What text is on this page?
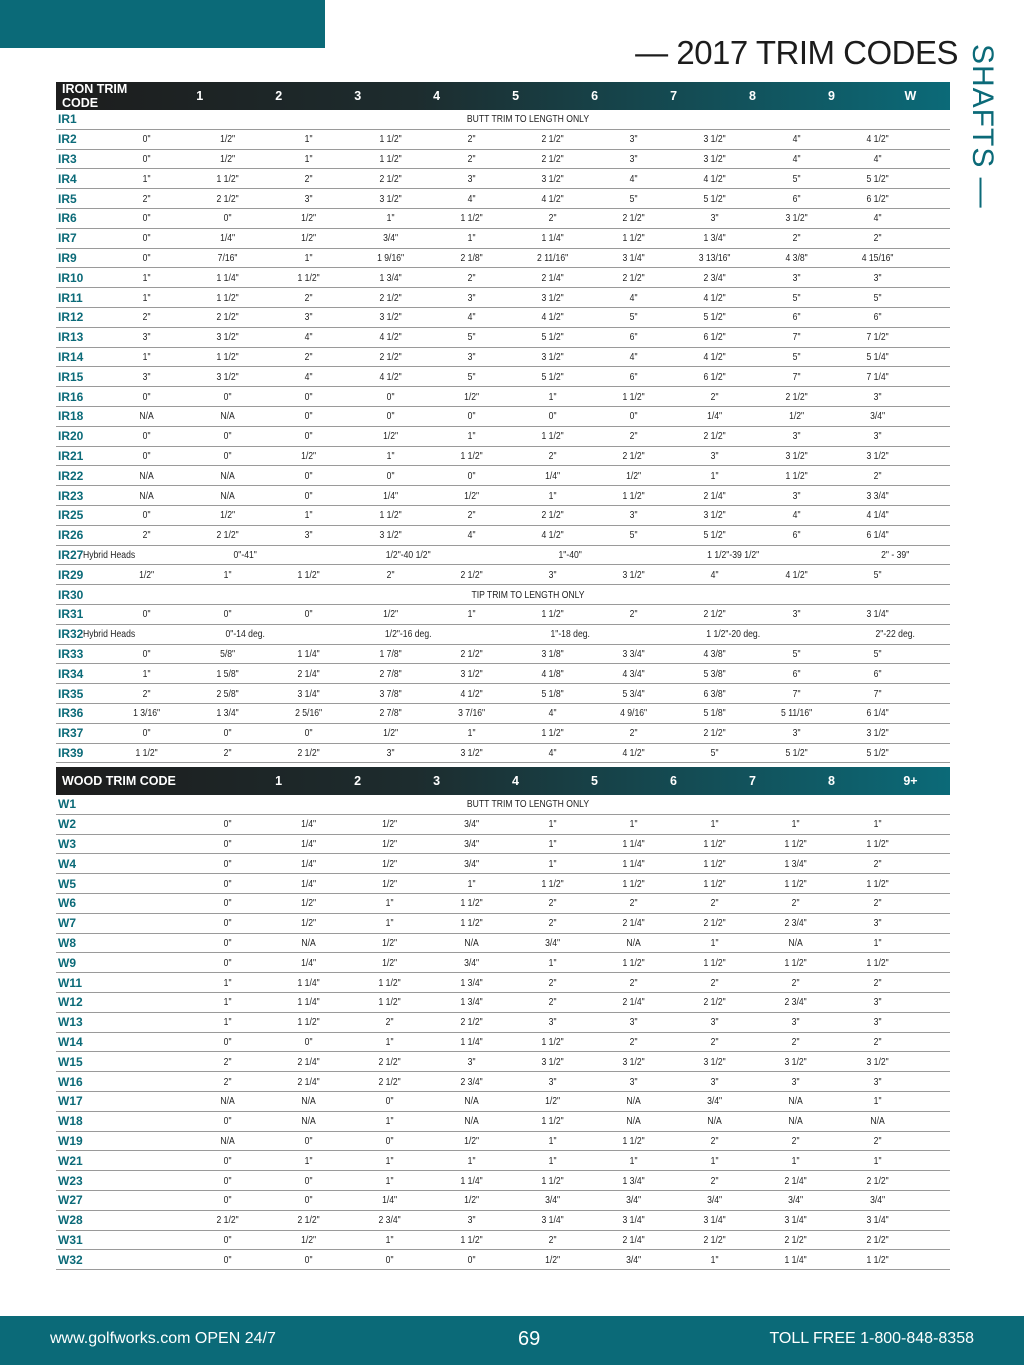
— 2017 TRIM CODES SHAFTS —
IRON TRIM CODE	1	2	3	4	5	6	7	8	9	W
IR1	BUTT TRIM TO LENGTH ONLY
IR2	0"	1/2"	1"	1 1/2"	2"	2 1/2"	3"	3 1/2"	4"	4 1/2"
IR3	0"	1/2"	1"	1 1/2"	2"	2 1/2"	3"	3 1/2"	4"	4"
IR4	1"	1 1/2"	2"	2 1/2"	3"	3 1/2"	4"	4 1/2"	5"	5 1/2"
IR5	2"	2 1/2"	3"	3 1/2"	4"	4 1/2"	5"	5 1/2"	6"	6 1/2"
IR6	0"	0"	1/2"	1"	1 1/2"	2"	2 1/2"	3"	3 1/2"	4"
IR7	0"	1/4"	1/2"	3/4"	1"	1 1/4"	1 1/2"	1 3/4"	2"	2"
IR9	0"	7/16"	1"	1 9/16"	2 1/8"	2 11/16"	3 1/4"	3 13/16"	4 3/8"	4 15/16"
IR10	1"	1 1/4"	1 1/2"	1 3/4"	2"	2 1/4"	2 1/2"	2 3/4"	3"	3"
IR11	1"	1 1/2"	2"	2 1/2"	3"	3 1/2"	4"	4 1/2"	5"	5"
IR12	2"	2 1/2"	3"	3 1/2"	4"	4 1/2"	5"	5 1/2"	6"	6"
IR13	3"	3 1/2"	4"	4 1/2"	5"	5 1/2"	6"	6 1/2"	7"	7 1/2"
IR14	1"	1 1/2"	2"	2 1/2"	3"	3 1/2"	4"	4 1/2"	5"	5 1/4"
IR15	3"	3 1/2"	4"	4 1/2"	5"	5 1/2"	6"	6 1/2"	7"	7 1/4"
IR16	0"	0"	0"	0"	1/2"	1"	1 1/2"	2"	2 1/2"	3"
IR18	N/A	N/A	0"	0"	0"	0"	0"	1/4"	1/2"	3/4"
IR20	0"	0"	0"	1/2"	1"	1 1/2"	2"	2 1/2"	3"	3"
IR21	0"	0"	1/2"	1"	1 1/2"	2"	2 1/2"	3"	3 1/2"	3 1/2"
IR22	N/A	N/A	0"	0"	0"	1/4"	1/2"	1"	1 1/2"	2"
IR23	N/A	N/A	0"	1/4"	1/2"	1"	1 1/2"	2 1/4"	3"	3 3/4"
IR25	0"	1/2"	1"	1 1/2"	2"	2 1/2"	3"	3 1/2"	4"	4 1/4"
IR26	2"	2 1/2"	3"	3 1/2"	4"	4 1/2"	5"	5 1/2"	6"	6 1/4"
IR27 Hybrid Heads	0"-41"	1/2"-40 1/2"	1"-40"	1 1/2"-39 1/2"	2" - 39"
IR29	1/2"	1"	1 1/2"	2"	2 1/2"	3"	3 1/2"	4"	4 1/2"	5"
IR30	TIP TRIM TO LENGTH ONLY
IR31	0"	0"	0"	1/2"	1"	1 1/2"	2"	2 1/2"	3"	3 1/4"
IR32 Hybrid Heads	0"-14 deg.	1/2"-16 deg.	1"-18 deg.	1 1/2"-20 deg.	2"-22 deg.
IR33	0"	5/8"	1 1/4"	1 7/8"	2 1/2"	3 1/8"	3 3/4"	4 3/8"	5"	5"
IR34	1"	1 5/8"	2 1/4"	2 7/8"	3 1/2"	4 1/8"	4 3/4"	5 3/8"	6"	6"
IR35	2"	2 5/8"	3 1/4"	3 7/8"	4 1/2"	5 1/8"	5 3/4"	6 3/8"	7"	7"
IR36	1 3/16"	1 3/4"	2 5/16"	2 7/8"	3 7/16"	4"	4 9/16"	5 1/8"	5 11/16"	6 1/4"
IR37	0"	0"	0"	1/2"	1"	1 1/2"	2"	2 1/2"	3"	3 1/2"
IR39	1 1/2"	2"	2 1/2"	3"	3 1/2"	4"	4 1/2"	5"	5 1/2"	5 1/2"
WOOD TRIM CODE	1	2	3	4	5	6	7	8	9+
W1	BUTT TRIM TO LENGTH ONLY
W2	0"	1/4"	1/2"	3/4"	1"	1"	1"	1"	1"
W3	0"	1/4"	1/2"	3/4"	1"	1 1/4"	1 1/2"	1 1/2"	1 1/2"
W4	0"	1/4"	1/2"	3/4"	1"	1 1/4"	1 1/2"	1 3/4"	2"
W5	0"	1/4"	1/2"	1"	1 1/2"	1 1/2"	1 1/2"	1 1/2"	1 1/2"
W6	0"	1/2"	1"	1 1/2"	2"	2"	2"	2"	2"
W7	0"	1/2"	1"	1 1/2"	2"	2 1/4"	2 1/2"	2 3/4"	3"
W8	0"	N/A	1/2"	N/A	3/4"	N/A	1"	N/A	1"
W9	0"	1/4"	1/2"	3/4"	1"	1 1/2"	1 1/2"	1 1/2"	1 1/2"
W11	1"	1 1/4"	1 1/2"	1 3/4"	2"	2"	2"	2"	2"
W12	1"	1 1/4"	1 1/2"	1 3/4"	2"	2 1/4"	2 1/2"	2 3/4"	3"
W13	1"	1 1/2"	2"	2 1/2"	3"	3"	3"	3"	3"
W14	0"	0"	1"	1 1/4"	1 1/2"	2"	2"	2"	2"
W15	2"	2 1/4"	2 1/2"	3"	3 1/2"	3 1/2"	3 1/2"	3 1/2"	3 1/2"
W16	2"	2 1/4"	2 1/2"	2 3/4"	3"	3"	3"	3"	3"
W17	N/A	N/A	0"	N/A	1/2"	N/A	3/4"	N/A	1"
W18	0"	N/A	1"	N/A	1 1/2"	N/A	N/A	N/A	N/A
W19	N/A	0"	0"	1/2"	1"	1 1/2"	2"	2"	2"
W21	0"	1"	1"	1"	1"	1"	1"	1"	1"
W23	0"	0"	1"	1 1/4"	1 1/2"	1 3/4"	2"	2 1/4"	2 1/2"
W27	0"	0"	1/4"	1/2"	3/4"	3/4"	3/4"	3/4"	3/4"
W28	2 1/2"	2 1/2"	2 3/4"	3"	3 1/4"	3 1/4"	3 1/4"	3 1/4"	3 1/4"
W31	0"	1/2"	1"	1 1/2"	2"	2 1/4"	2 1/2"	2 1/2"	2 1/2"
W32	0"	0"	0"	0"	1/2"	3/4"	1"	1 1/4"	1 1/2"
www.golfworks.com OPEN 24/7	69	TOLL FREE 1-800-848-8358
